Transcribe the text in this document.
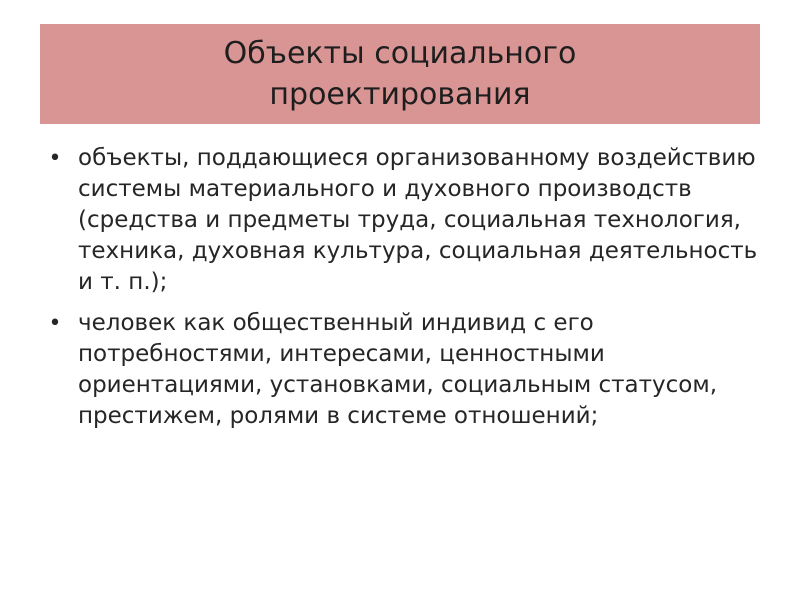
Объекты социального проектирования
• объекты, поддающиеся организованному воздействию системы материального и духовного производств (средства и предметы труда, социальная технология, техника, духовная культура, социальная деятельность и т. п.);
• человек как общественный индивид с его потребностями, интересами, ценностными ориентациями, установками, социальным статусом, престижем, ролями в системе отношений;
